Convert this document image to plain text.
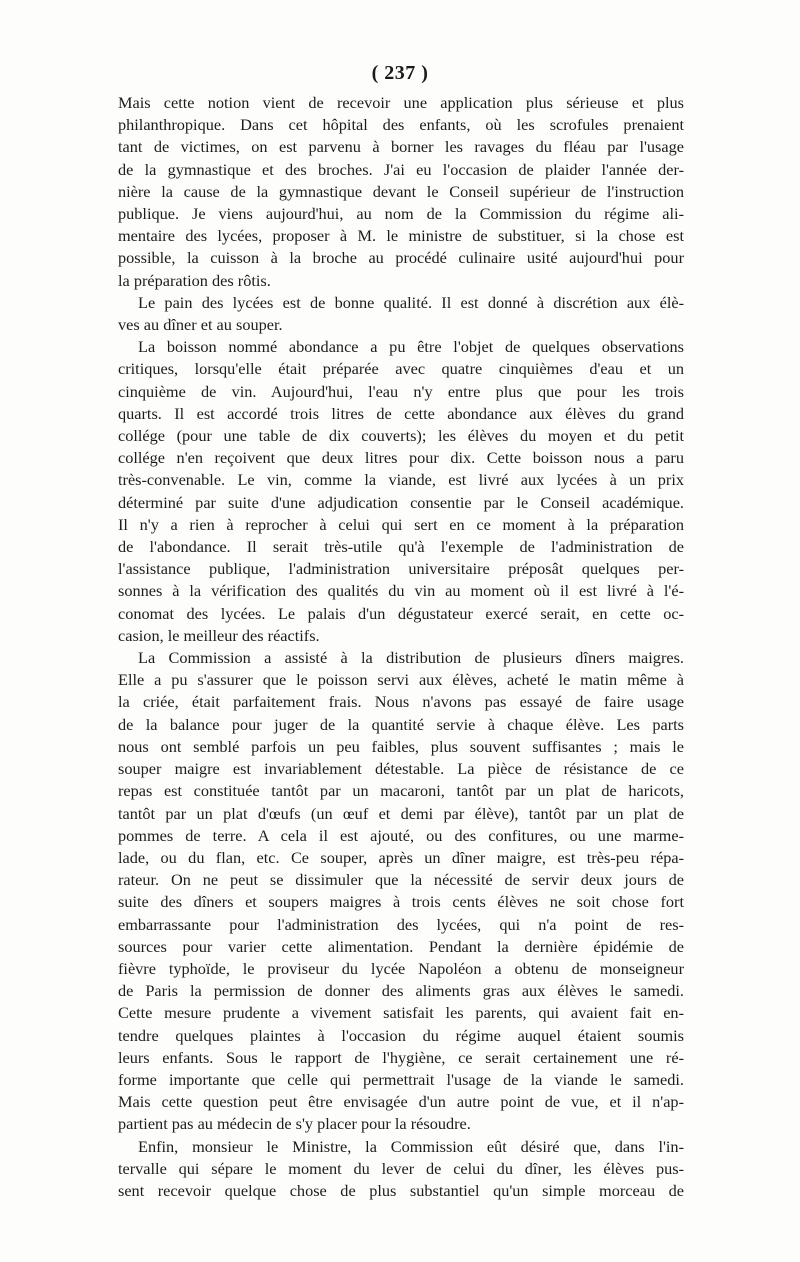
( 237 )
Mais cette notion vient de recevoir une application plus sérieuse et plus
philanthropique. Dans cet hôpital des enfants, où les scrofules prenaient
tant de victimes, on est parvenu à borner les ravages du fléau par l'usage
de la gymnastique et des broches. J'ai eu l'occasion de plaider l'année der-
nière la cause de la gymnastique devant le Conseil supérieur de l'instruction
publique. Je viens aujourd'hui, au nom de la Commission du régime ali-
mentaire des lycées, proposer à M. le ministre de substituer, si la chose est
possible, la cuisson à la broche au procédé culinaire usité aujourd'hui pour
la préparation des rôtis.
Le pain des lycées est de bonne qualité. Il est donné à discrétion aux élè-
ves au dîner et au souper.
La boisson nommé abondance a pu être l'objet de quelques observations
critiques, lorsqu'elle était préparée avec quatre cinquièmes d'eau et un
cinquième de vin. Aujourd'hui, l'eau n'y entre plus que pour les trois
quarts. Il est accordé trois litres de cette abondance aux élèves du grand
collége (pour une table de dix couverts); les élèves du moyen et du petit
collége n'en reçoivent que deux litres pour dix. Cette boisson nous a paru
très-convenable. Le vin, comme la viande, est livré aux lycées à un prix
déterminé par suite d'une adjudication consentie par le Conseil académique.
Il n'y a rien à reprocher à celui qui sert en ce moment à la préparation
de l'abondance. Il serait très-utile qu'à l'exemple de l'administration de
l'assistance publique, l'administration universitaire préposât quelques per-
sonnes à la vérification des qualités du vin au moment où il est livré à l'é-
conomat des lycées. Le palais d'un dégustateur exercé serait, en cette oc-
casion, le meilleur des réactifs.
La Commission a assisté à la distribution de plusieurs dîners maigres.
Elle a pu s'assurer que le poisson servi aux élèves, acheté le matin même à
la criée, était parfaitement frais. Nous n'avons pas essayé de faire usage
de la balance pour juger de la quantité servie à chaque élève. Les parts
nous ont semblé parfois un peu faibles, plus souvent suffisantes ; mais le
souper maigre est invariablement détestable. La pièce de résistance de ce
repas est constituée tantôt par un macaroni, tantôt par un plat de haricots,
tantôt par un plat d'œufs (un œuf et demi par élève), tantôt par un plat de
pommes de terre. A cela il est ajouté, ou des confitures, ou une marme-
lade, ou du flan, etc. Ce souper, après un dîner maigre, est très-peu répa-
rateur. On ne peut se dissimuler que la nécessité de servir deux jours de
suite des dîners et soupers maigres à trois cents élèves ne soit chose fort
embarrassante pour l'administration des lycées, qui n'a point de res-
sources pour varier cette alimentation. Pendant la dernière épidémie de
fièvre typhoïde, le proviseur du lycée Napoléon a obtenu de monseigneur
de Paris la permission de donner des aliments gras aux élèves le samedi.
Cette mesure prudente a vivement satisfait les parents, qui avaient fait en-
tendre quelques plaintes à l'occasion du régime auquel étaient soumis
leurs enfants. Sous le rapport de l'hygiène, ce serait certainement une ré-
forme importante que celle qui permettrait l'usage de la viande le samedi.
Mais cette question peut être envisagée d'un autre point de vue, et il n'ap-
partient pas au médecin de s'y placer pour la résoudre.
Enfin, monsieur le Ministre, la Commission eût désiré que, dans l'in-
tervalle qui sépare le moment du lever de celui du dîner, les élèves pus-
sent recevoir quelque chose de plus substantiel qu'un simple morceau de
